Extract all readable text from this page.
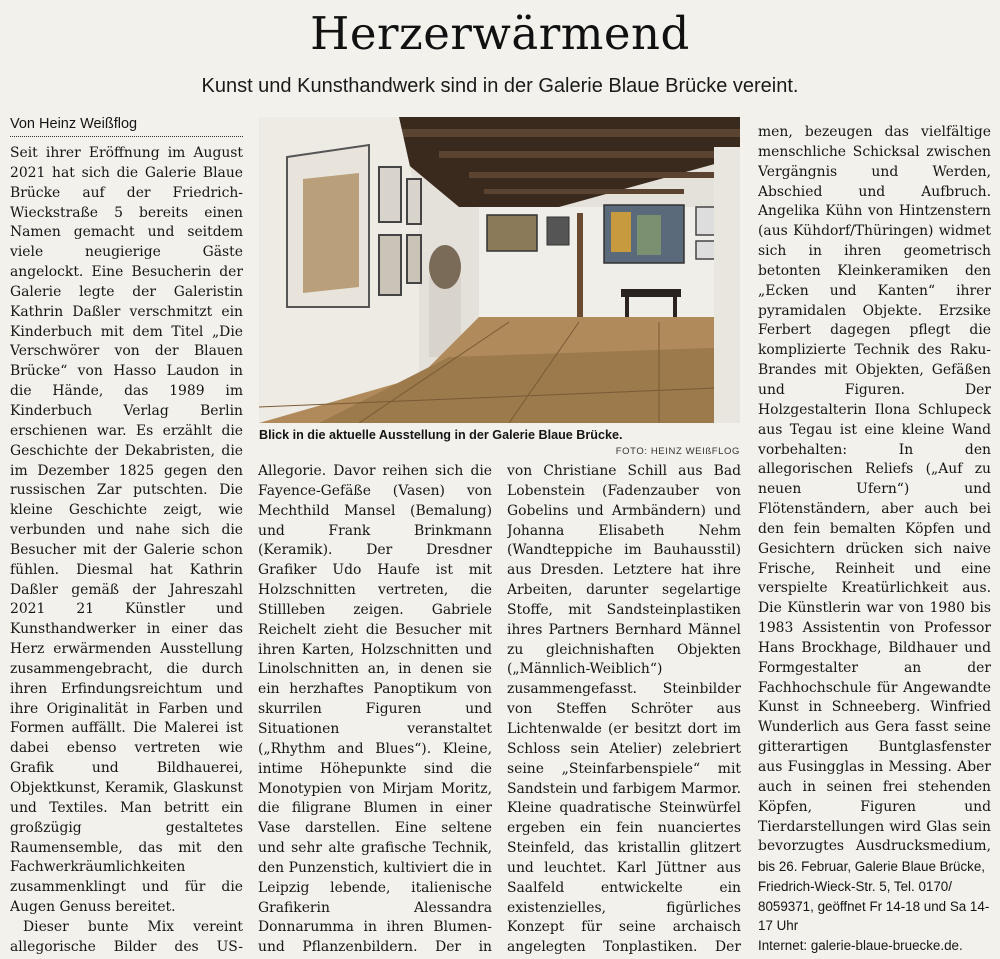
Herzerwärmend
Kunst und Kunsthandwerk sind in der Galerie Blaue Brücke vereint.
Von Heinz Weißflog

Seit ihrer Eröffnung im August 2021 hat sich die Galerie Blaue Brücke auf der Friedrich-Wieckstraße 5 bereits einen Namen gemacht und seitdem viele neugierige Gäste angelockt. Eine Besucherin der Galerie legte der Galeristin Kathrin Daßler verschmitzt ein Kinderbuch mit dem Titel „Die Verschwörer von der Blauen Brücke“ von Hasso Laudon in die Hände, das 1989 im Kinderbuch Verlag Berlin erschienen war. Es erzählt die Geschichte der Dekabristen, die im Dezember 1825 gegen den russischen Zar putschten. Die kleine Geschichte zeigt, wie verbunden und nahe sich die Besucher mit der Galerie schon fühlen. Diesmal hat Kathrin Daßler gemäß der Jahreszahl 2021 21 Künstler und Kunsthandwerker in einer das Herz erwärmenden Ausstellung zusammengebracht, die durch ihren Erfindungsreichtum und ihre Originalität in Farben und Formen auffällt. Die Malerei ist dabei ebenso vertreten wie Grafik und Bildhauerei, Objektkunst, Keramik, Glaskunst und Textiles. Man betritt ein großzügig gestaltetes Raumensemble, das mit den Fachwerkräumlichkeiten zusammenklingt und für die Augen Genuss bereitet.

Dieser bunte Mix vereint allegorische Bilder des US-

Blick in die aktuelle Ausstellung in der Galerie Blaue Brücke.
FOTO: HEINZ WEIßFLOG

Allegorie. Davor reihen sich die Fayence-Gefäße (Vasen) von Mechthild Mansel (Bemalung) und Frank Brinkmann (Keramik). Der Dresdner Grafiker Udo Haufe ist mit Holzschnitten vertreten, die Stillleben zeigen. Gabriele Reichelt zieht die Besucher mit ihren Karten, Holzschnitten und Linolschnitten an, in denen sie ein herzhaftes Panoptikum von skurrilen Figuren und Situationen veranstaltet („Rhythm and Blues“). Kleine, intime Höhepunkte sind die Monotypien von Mirjam Moritz, die filigrane Blumen in einer Vase darstellen. Eine seltene und sehr alte grafische Technik, den Punzenstich, kultiviert die in Leipzig lebende, italienische Grafikerin Alessandra Donnarumma in ihren Blumen- und Pflanzenbildern. Der in

von Christiane Schill aus Bad Lobenstein (Fadenzauber von Gobelins und Armbändern) und Johanna Elisabeth Nehm (Wandteppiche im Bauhausstil) aus Dresden. Letztere hat ihre Arbeiten, darunter segelartige Stoffe, mit Sandsteinplastiken ihres Partners Bernhard Männel zu gleichnishaften Objekten („Männlich-Weiblich“) zusammengefasst. Steinbilder von Steffen Schröter aus Lichtenwalde (er besitzt dort im Schloss sein Atelier) zelebriert seine „Steinfarbenspiele“ mit Sandstein und farbigem Marmor. Kleine quadratische Steinwürfel ergeben ein fein nuanciertes Steinfeld, das kristallin glitzert und leuchtet. Karl Jüttner aus Saalfeld entwickelte ein existenzielles, figürliches Konzept für seine archaisch angelegten Tonplastiken. Der

men, bezeugen das vielfältige menschliche Schicksal zwischen Vergängnis und Werden, Abschied und Aufbruch. Angelika Kühn von Hintzenstern (aus Kühdorf/Thüringen) widmet sich in ihren geometrisch betonten Kleinkeramiken den „Ecken und Kanten“ ihrer pyramidalen Objekte. Erzsike Ferbert dagegen pflegt die komplizierte Technik des Raku-Brandes mit Objekten, Gefäßen und Figuren. Der Holzgestalterin Ilona Schlupeck aus Tegau ist eine kleine Wand vorbehalten: In den allegorischen Reliefs („Auf zu neuen Ufern“) und Flötenständern, aber auch bei den fein bemalten Köpfen und Gesichtern drücken sich naive Frische, Reinheit und eine verspielte Kreatürlichkeit aus. Die Künstlerin war von 1980 bis 1983 Assistentin von Professor Hans Brockhage, Bildhauer und Formgestalter an der Fachhochschule für Angewandte Kunst in Schneeberg. Winfried Wunderlich aus Gera fasst seine gitterartigen Buntglasfenster aus Fusingglas in Messing. Aber auch in seinen frei stehenden Köpfen, Figuren und Tierdarstellungen wird Glas sein bevorzugtes Ausdrucksmedium,

bis 26. Februar, Galerie Blaue Brücke, Friedrich-Wieck-Str. 5, Tel. 0170/ 8059371, geöffnet Fr 14-18 und Sa 14-17 Uhr
Internet: galerie-blaue-bruecke.de.
